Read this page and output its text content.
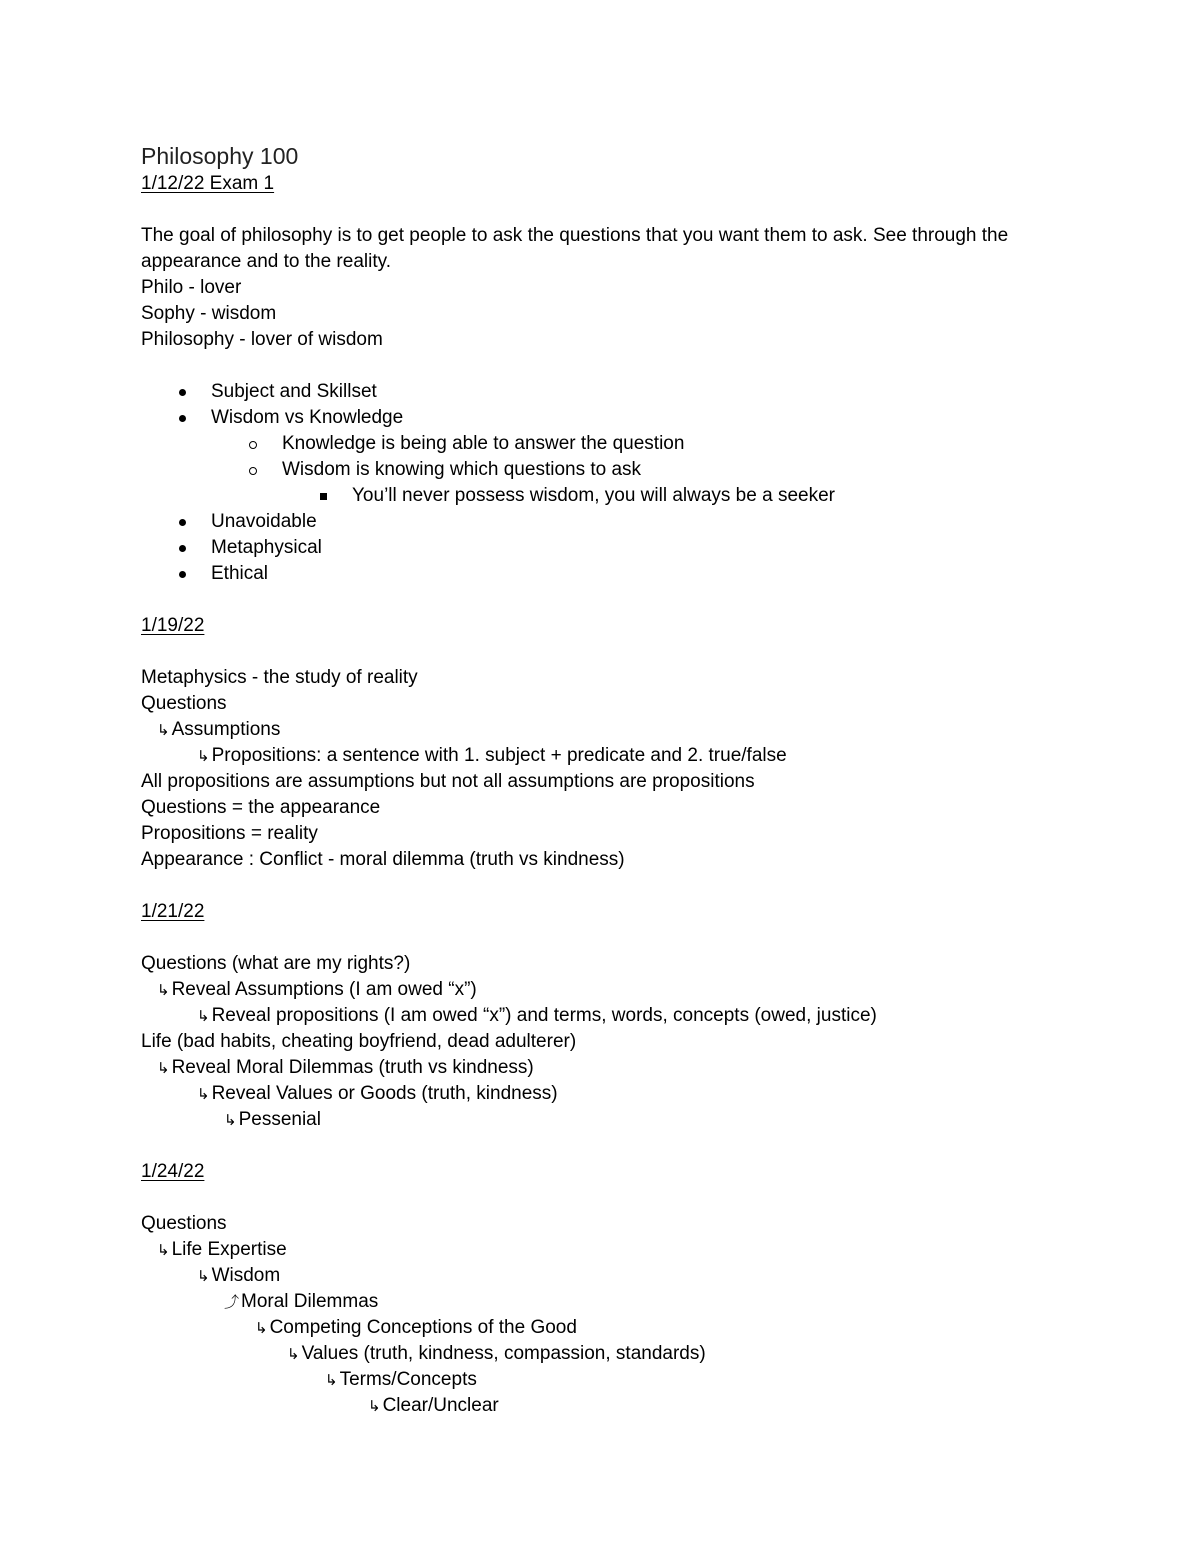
Philosophy 100
1/12/22 Exam 1
The goal of philosophy is to get people to ask the questions that you want them to ask. See through the appearance and to the reality.
Philo - lover
Sophy - wisdom
Philosophy - lover of wisdom
Subject and Skillset
Wisdom vs Knowledge
Knowledge is being able to answer the question
Wisdom is knowing which questions to ask
You’ll never possess wisdom, you will always be a seeker
Unavoidable
Metaphysical
Ethical
1/19/22
Metaphysics - the study of reality
Questions
↳ Assumptions
↳ Propositions: a sentence with 1. subject + predicate and 2. true/false
All propositions are assumptions but not all assumptions are propositions
Questions = the appearance
Propositions = reality
Appearance : Conflict - moral dilemma (truth vs kindness)
1/21/22
Questions (what are my rights?)
↳ Reveal Assumptions (I am owed “x”)
↳ Reveal propositions (I am owed “x”) and terms, words, concepts (owed, justice)
Life (bad habits, cheating boyfriend, dead adulterer)
↳ Reveal Moral Dilemmas (truth vs kindness)
↳ Reveal Values or Goods (truth, kindness)
↳ Pessenial
1/24/22
Questions
↳ Life Expertise
↳ Wisdom
⤴ Moral Dilemmas
↳ Competing Conceptions of the Good
↳ Values (truth, kindness, compassion, standards)
↳ Terms/Concepts
↳ Clear/Unclear
